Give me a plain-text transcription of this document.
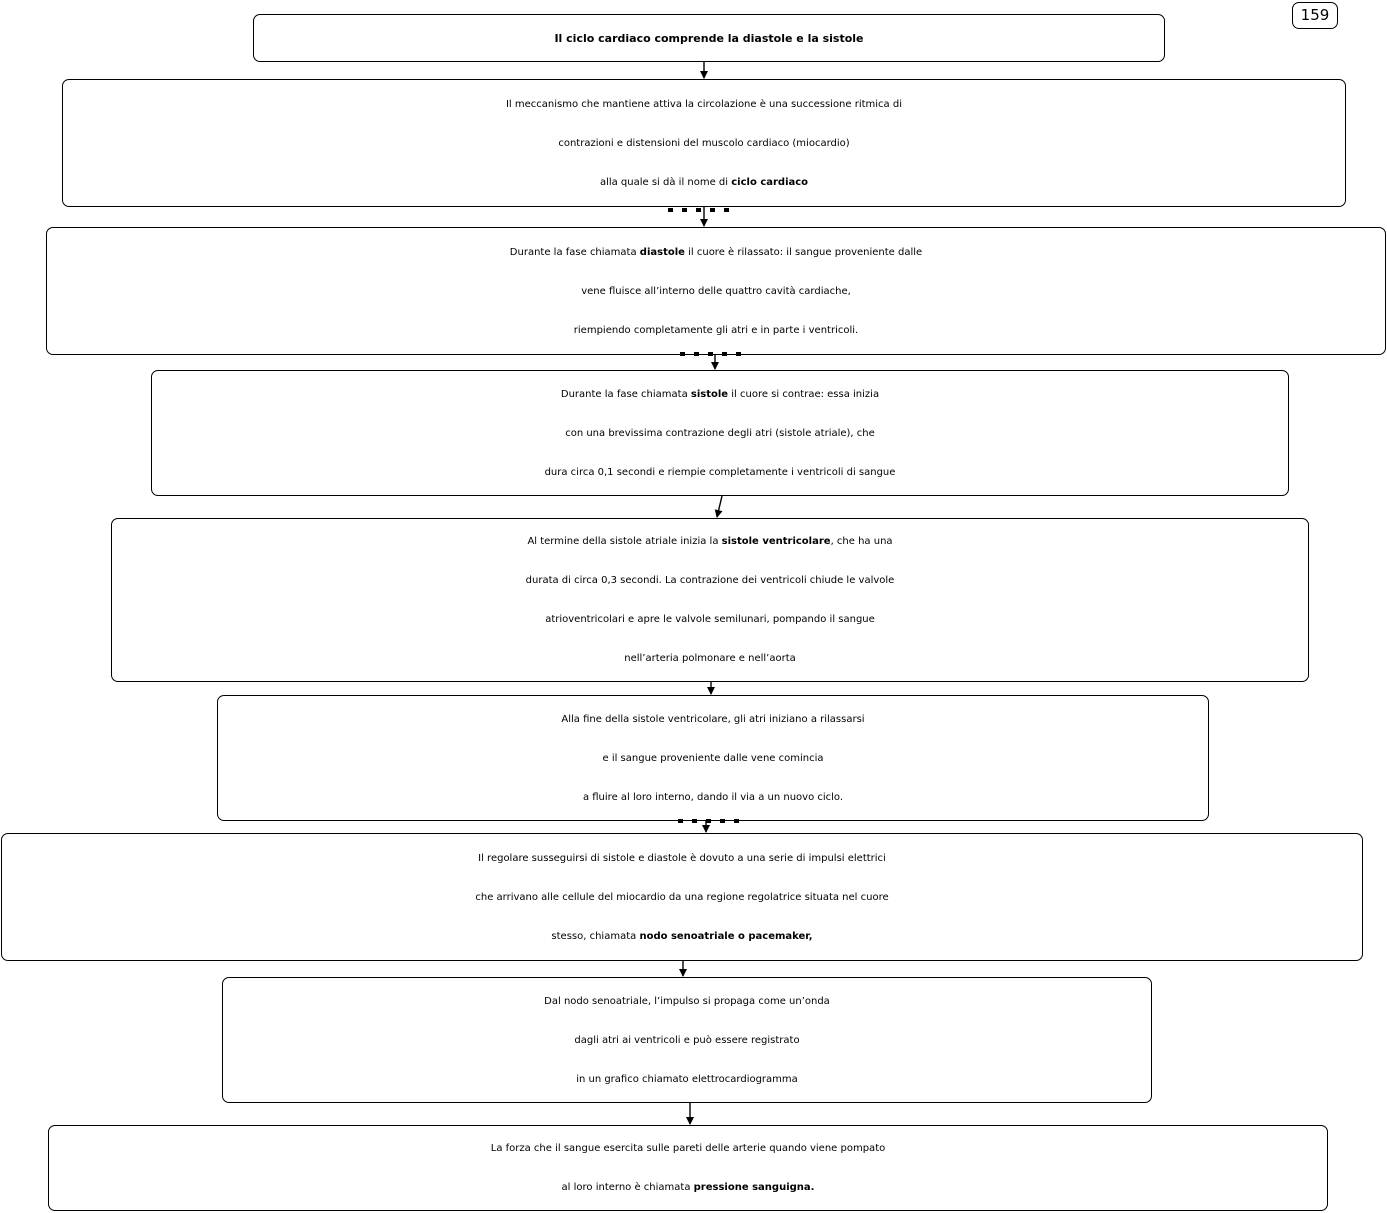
159
Il ciclo cardiaco comprende la diastole e la sistole
Il meccanismo che mantiene attiva la circolazione è una successione ritmica di
contrazioni e distensioni del muscolo cardiaco (miocardio)
alla quale si dà il nome di ciclo cardiaco
Durante la fase chiamata diastole il cuore è rilassato: il sangue proveniente dalle
vene fluisce all’interno delle quattro cavità cardiache,
riempiendo completamente gli atri e in parte i ventricoli.
Durante la fase chiamata sistole il cuore si contrae: essa inizia
con una brevissima contrazione degli atri (sistole atriale), che
dura circa 0,1 secondi e riempie completamente i ventricoli di sangue
Al termine della sistole atriale inizia la sistole ventricolare, che ha una
durata di circa 0,3 secondi. La contrazione dei ventricoli chiude le valvole
atrioventricolari e apre le valvole semilunari, pompando il sangue
nell’arteria polmonare e nell’aorta
Alla fine della sistole ventricolare, gli atri iniziano a rilassarsi
e il sangue proveniente dalle vene comincia
a fluire al loro interno, dando il via a un nuovo ciclo.
Il regolare susseguirsi di sistole e diastole è dovuto a una serie di impulsi elettrici
che arrivano alle cellule del miocardio da una regione regolatrice situata nel cuore
stesso, chiamata nodo senoatriale o pacemaker,
Dal nodo senoatriale, l’impulso si propaga come un’onda
dagli atri ai ventricoli e può essere registrato
in un grafico chiamato elettrocardiogramma
La forza che il sangue esercita sulle pareti delle arterie quando viene pompato
al loro interno è chiamata pressione sanguigna.
